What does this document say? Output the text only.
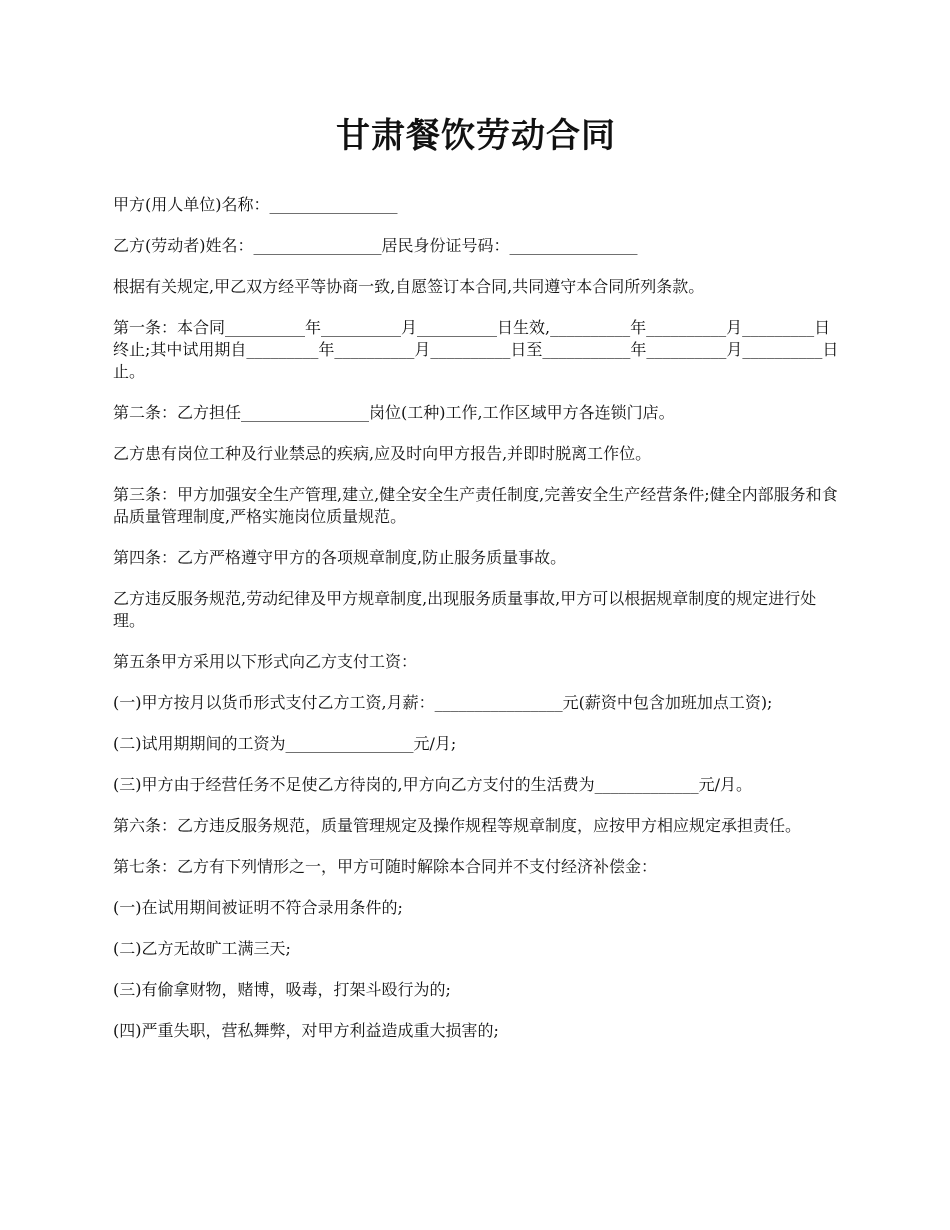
甘肃餐饮劳动合同

甲方(用人单位)名称：________________

乙方(劳动者)姓名：________________居民身份证号码：________________

根据有关规定,甲乙双方经平等协商一致,自愿签订本合同,共同遵守本合同所列条款。

第一条：本合同__________年__________月__________日生效,__________年__________月_________日终止;其中试用期自_________年__________月__________日至___________年__________月__________日止。

第二条：乙方担任________________岗位(工种)工作,工作区域甲方各连锁门店。

乙方患有岗位工种及行业禁忌的疾病,应及时向甲方报告,并即时脱离工作位。

第三条：甲方加强安全生产管理,建立,健全安全生产责任制度,完善安全生产经营条件;健全内部服务和食品质量管理制度,严格实施岗位质量规范。

第四条：乙方严格遵守甲方的各项规章制度,防止服务质量事故。

乙方违反服务规范,劳动纪律及甲方规章制度,出现服务质量事故,甲方可以根据规章制度的规定进行处理。

第五条甲方采用以下形式向乙方支付工资：

(一)甲方按月以货币形式支付乙方工资,月薪：________________元(薪资中包含加班加点工资);

(二)试用期期间的工资为________________元/月;

(三)甲方由于经营任务不足使乙方待岗的,甲方向乙方支付的生活费为_____________元/月。

第六条：乙方违反服务规范，质量管理规定及操作规程等规章制度，应按甲方相应规定承担责任。

第七条：乙方有下列情形之一，甲方可随时解除本合同并不支付经济补偿金：

(一)在试用期间被证明不符合录用条件的;

(二)乙方无故旷工满三天;

(三)有偷拿财物，赌博，吸毒，打架斗殴行为的;

(四)严重失职，营私舞弊，对甲方利益造成重大损害的;
